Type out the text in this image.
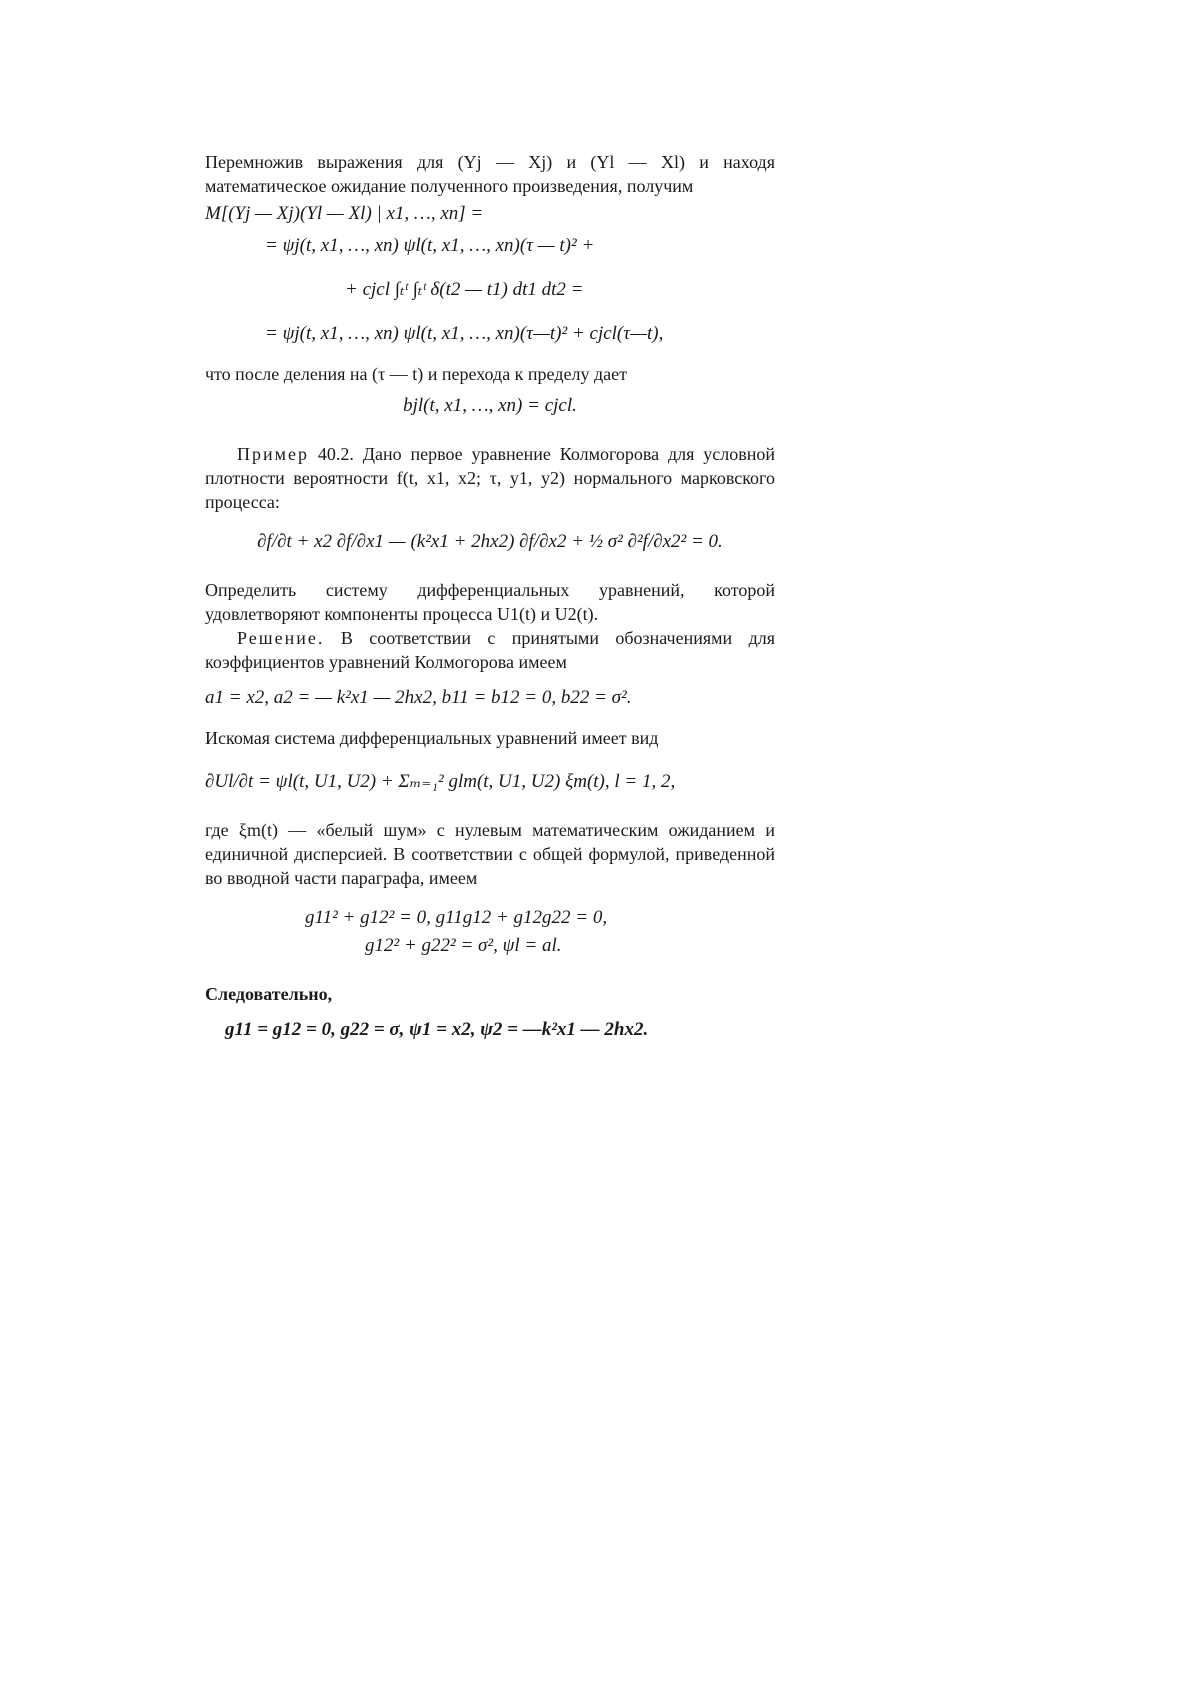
Перемножив выражения для (Yj — Xj) и (Yl — Xl) и находя математическое ожидание полученного произведения, получим

M[(Yj — Xj)(Yl — Xl) | x1, …, xn] =
= ψj(t, x1, …, xn) ψl(t, x1, …, xn)(τ — t)² +
+ cjcl ∫ₜᵗ ∫ₜᵗ δ(t2 — t1) dt1 dt2 =
= ψj(t, x1, …, xn) ψl(t, x1, …, xn)(τ—t)² + cjcl(τ—t),

что после деления на (τ — t) и перехода к пределу дает

bjl(t, x1, …, xn) = cjcl.

Пример 40.2. Дано первое уравнение Колмогорова для условной плотности вероятности f(t, x1, x2; τ, y1, y2) нормального марковского процесса:

∂f/∂t + x2 ∂f/∂x1 — (k²x1 + 2hx2) ∂f/∂x2 + ½ σ² ∂²f/∂x2² = 0.

Определить систему дифференциальных уравнений, которой удовлетворяют компоненты процесса U1(t) и U2(t).

Решение. В соответствии с принятыми обозначениями для коэффициентов уравнений Колмогорова имеем

a1 = x2, a2 = — k²x1 — 2hx2, b11 = b12 = 0, b22 = σ².

Искомая система дифференциальных уравнений имеет вид

∂Ul/∂t = ψl(t, U1, U2) + Σₘ₌₁² glm(t, U1, U2) ξm(t), l = 1, 2,

где ξm(t) — «белый шум» с нулевым математическим ожиданием и единичной дисперсией. В соответствии с общей формулой, приведенной во вводной части параграфа, имеем

g11² + g12² = 0, g11g12 + g12g22 = 0,
g12² + g22² = σ², ψl = al.

Следовательно,

g11 = g12 = 0, g22 = σ, ψ1 = x2, ψ2 = —k²x1 — 2hx2.
